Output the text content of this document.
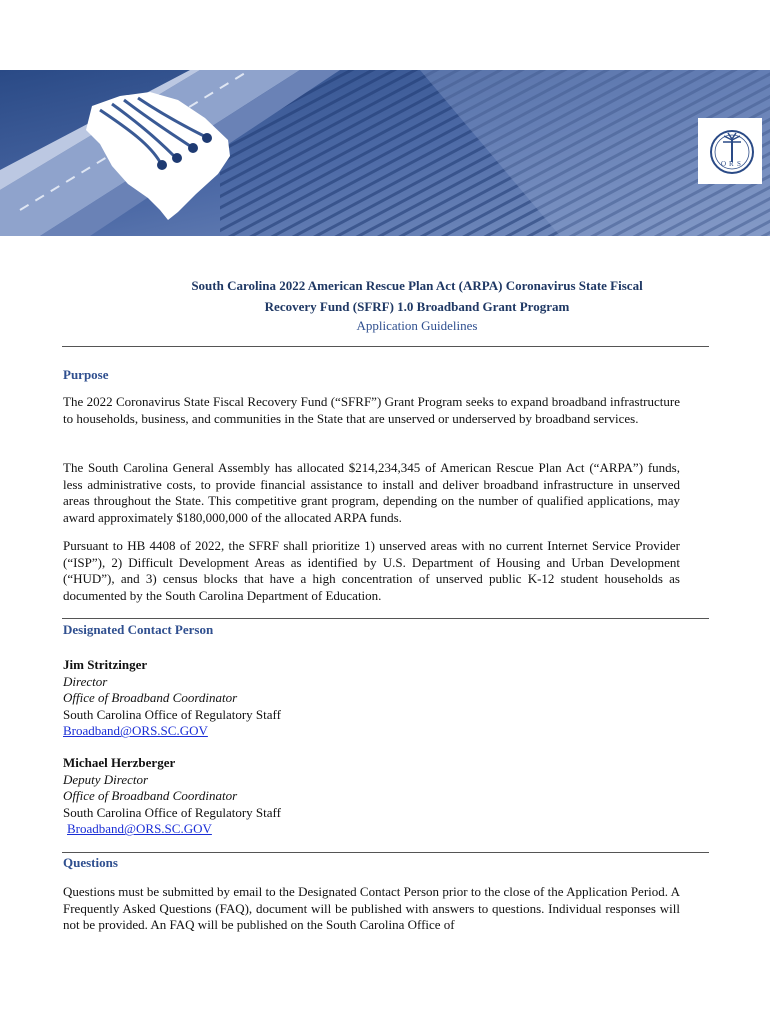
O R S
South Carolina 2022 American Rescue Plan Act (ARPA) Coronavirus State Fiscal
Recovery Fund (SFRF) 1.0 Broadband Grant Program
Application Guidelines
Purpose

The 2022 Coronavirus State Fiscal Recovery Fund (“SFRF”) Grant Program seeks to expand broadband infrastructure to households, business, and communities in the State that are unserved or underserved by broadband services.

The South Carolina General Assembly has allocated $214,234,345 of American Rescue Plan Act (“ARPA”) funds, less administrative costs, to provide financial assistance to install and deliver broadband infrastructure in unserved areas throughout the State. This competitive grant program, depending on the number of qualified applications, may award approximately $180,000,000 of the allocated ARPA funds.

Pursuant to HB 4408 of 2022, the SFRF shall prioritize 1) unserved areas with no current Internet Service Provider (“ISP”), 2) Difficult Development Areas as identified by U.S. Department of Housing and Urban Development (“HUD”), and 3) census blocks that have a high concentration of unserved public K-12 student households as documented by the South Carolina Department of Education.

Designated Contact Person
Jim Stritzinger
Director
Office of Broadband Coordinator
South Carolina Office of Regulatory Staff
Broadband@ORS.SC.GOV
Michael Herzberger
Deputy Director
Office of Broadband Coordinator
South Carolina Office of Regulatory Staff
Broadband@ORS.SC.GOV
Questions

Questions must be submitted by email to the Designated Contact Person prior to the close of the Application Period. A Frequently Asked Questions (FAQ), document will be published with answers to questions. Individual responses will not be provided. An FAQ will be published on the South Carolina Office of
